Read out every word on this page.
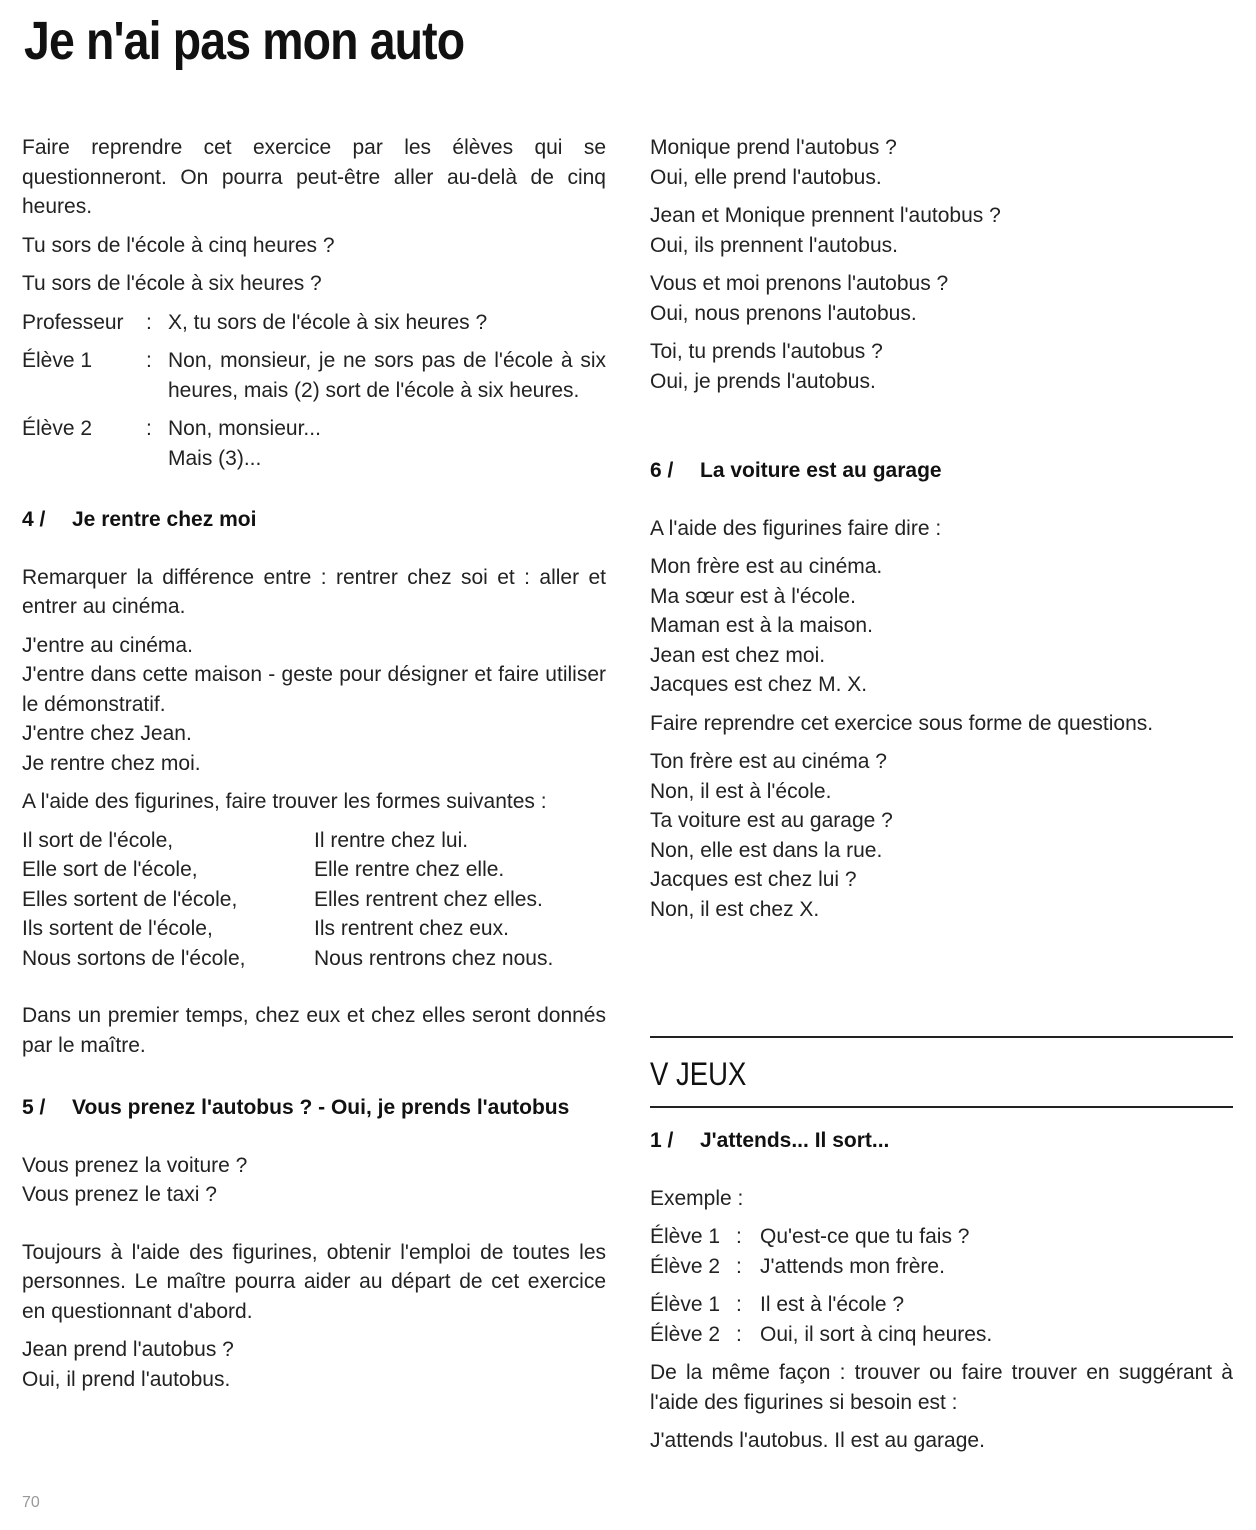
Je n'ai pas mon auto

Faire reprendre cet exercice par les élèves qui se questionneront. On pourra peut-être aller au-delà de cinq heures.

Tu sors de l'école à cinq heures ?

Tu sors de l'école à six heures ?

Professeur	: X, tu sors de l'école à six heures ?
Élève 1	: Non, monsieur, je ne sors pas de l'école à six heures, mais (2) sort de l'école à six heures.
Élève 2	: Non, monsieur... Mais (3)...
4 /	Je rentre chez moi

Remarquer la différence entre : rentrer chez soi et : aller et entrer au cinéma.

J'entre au cinéma.

J'entre dans cette maison - geste pour désigner et faire utiliser le démonstratif.

J'entre chez Jean.

Je rentre chez moi.

A l'aide des figurines, faire trouver les formes suivantes :

Il sort de l'école,	Il rentre chez lui.
Elle sort de l'école,	Elle rentre chez elle.
Elles sortent de l'école,	Elles rentrent chez elles.
Ils sortent de l'école,	Ils rentrent chez eux.
Nous sortons de l'école,	Nous rentrons chez nous.

Dans un premier temps, chez eux et chez elles seront donnés par le maître.

5 /	Vous prenez l'autobus ? - Oui, je prends l'autobus

Vous prenez la voiture ?

Vous prenez le taxi ?

Toujours à l'aide des figurines, obtenir l'emploi de toutes les personnes. Le maître pourra aider au départ de cet exercice en questionnant d'abord.

Jean prend l'autobus ?

Oui, il prend l'autobus.

70

Monique prend l'autobus ?

Oui, elle prend l'autobus.

Jean et Monique prennent l'autobus ?

Oui, ils prennent l'autobus.

Vous et moi prenons l'autobus ?

Oui, nous prenons l'autobus.

Toi, tu prends l'autobus ?

Oui, je prends l'autobus.

6 /	La voiture est au garage

A l'aide des figurines faire dire :

Mon frère est au cinéma.

Ma sœur est à l'école.

Maman est à la maison.

Jean est chez moi.

Jacques est chez M. X.

Faire reprendre cet exercice sous forme de questions.

Ton frère est au cinéma ?

Non, il est à l'école.

Ta voiture est au garage ?

Non, elle est dans la rue.

Jacques est chez lui ?

Non, il est chez X.

V JEUX
1 /	J'attends... Il sort...

Exemple :

Élève 1 : Qu'est-ce que tu fais ?
Élève 2 : J'attends mon frère.
Élève 1 : Il est à l'école ?
Élève 2 : Oui, il sort à cinq heures.

De la même façon : trouver ou faire trouver en suggérant à l'aide des figurines si besoin est :

J'attends l'autobus. Il est au garage.
